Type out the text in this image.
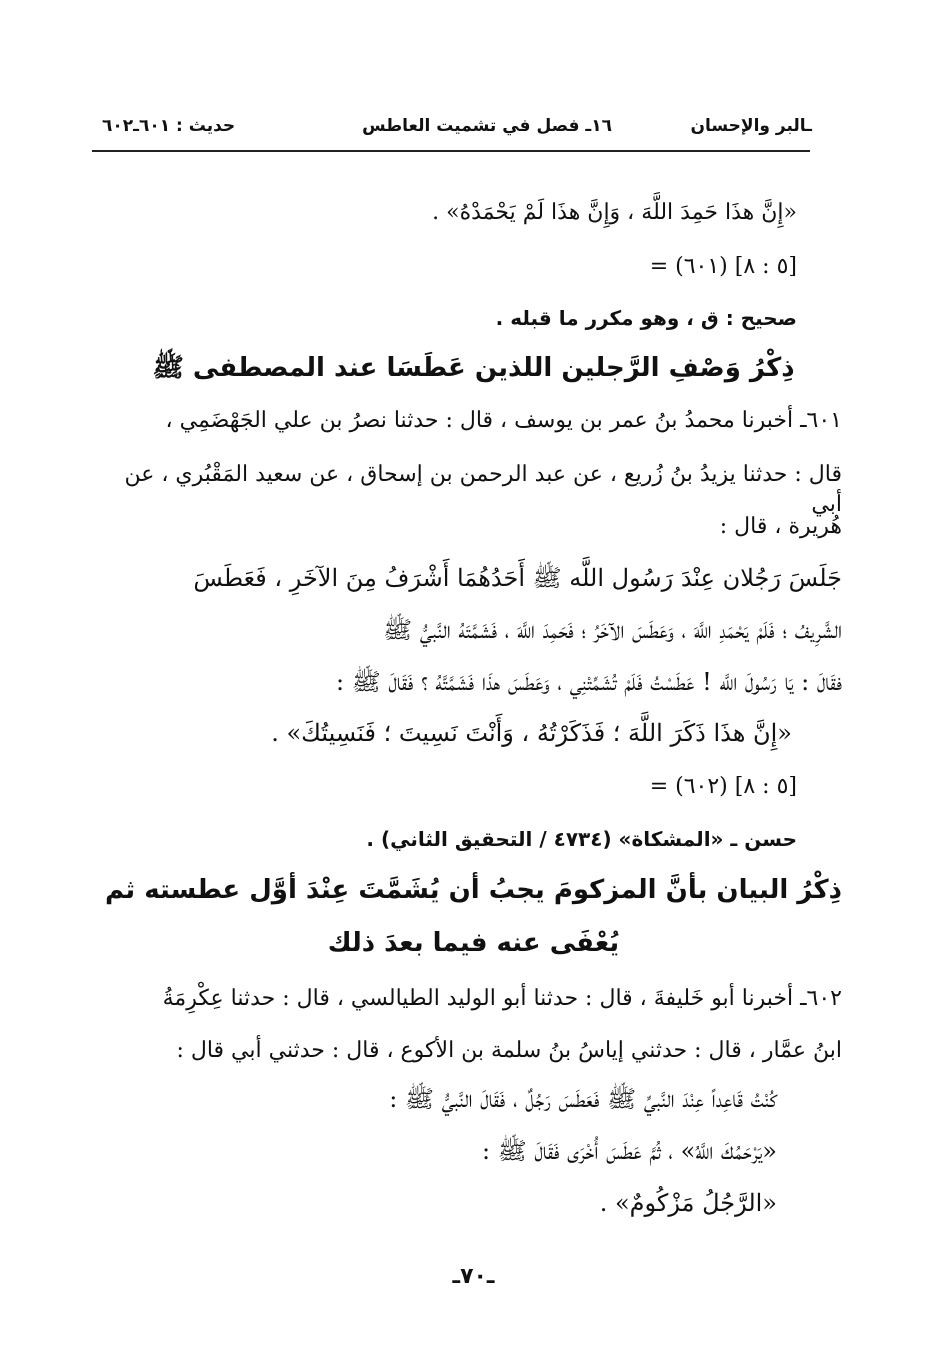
ـالبر والإحسان
١٦ـ فصل في تشميت العاطس
حديث : ٦٠١ـ٦٠٢
«إِنَّ هذَا حَمِدَ اللَّهَ ، وَإِنَّ هذَا لَمْ يَحْمَدْهُ» .
= (٦٠١) [٥ : ٨]
صحيح : ق ، وهو مكرر ما قبله .
ذِكْرُ وَصْفِ الرَّجلين اللذين عَطَسَا عند المصطفى ﷺ
٦٠١ـ أخبرنا محمدُ بنُ عمر بن يوسف ، قال : حدثنا نصرُ بن علي الجَهْضَمِي ،
قال : حدثنا يزيدُ بنُ زُريع ، عن عبد الرحمن بن إسحاق ، عن سعيد المَقْبُري ، عن أبي
هُريرة ، قال :
جَلَسَ رَجُلان عِنْدَ رَسُول اللَّه ﷺ أَحَدُهُمَا أَشْرَفُ مِنَ الآخَرِ ، فَعَطَسَ
الشَّرِيفُ ؛ فَلَمْ يَحْمَدِ اللَّهَ ، وَعَطَسَ الآخَرُ ؛ فَحَمِدَ اللَّهَ ، فَشَمَّتَهُ النَّبيُّ ﷺ
فقَالَ : يَا رَسُولَ اللَّه ! عَطَسْتُ فَلَمْ تُشَمِّتْنِي ، وَعَطَسَ هذَا فَشَمَّتَّهُ ؟ فَقَالَ ﷺ :
«إِنَّ هذَا ذَكَرَ اللَّهَ ؛ فَذَكَرْتُهُ ، وَأَنْتَ نَسِيتَ ؛ فَنَسِيتُكَ» .
= (٦٠٢) [٥ : ٨]
حسن ـ «المشكاة» (٤٧٣٤ / التحقيق الثاني) .
ذِكْرُ البيان بأنَّ المزكومَ يجبُ أن يُشَمَّتَ عِنْدَ أوَّل عطسته ثم
يُعْفَى عنه فيما بعدَ ذلك
٦٠٢ـ أخبرنا أبو خَليفةَ ، قال : حدثنا أبو الوليد الطيالسي ، قال : حدثنا عِكْرِمَةُ
ابنُ عمَّار ، قال : حدثني إياسُ بنُ سلمة بن الأكوع ، قال : حدثني أبي قال :
كُنْتُ قَاعِداً عِنْدَ النَّبيِّ ﷺ فَعَطَسَ رَجُلٌ ، فَقَالَ النَّبيُّ ﷺ :
«يَرْحَمُكَ اللَّهُ» ، ثُمَّ عَطَسَ أُخْرَى فَقَالَ ﷺ :
«الرَّجُلُ مَزْكُومٌ» .
ـ٧٠ـ
